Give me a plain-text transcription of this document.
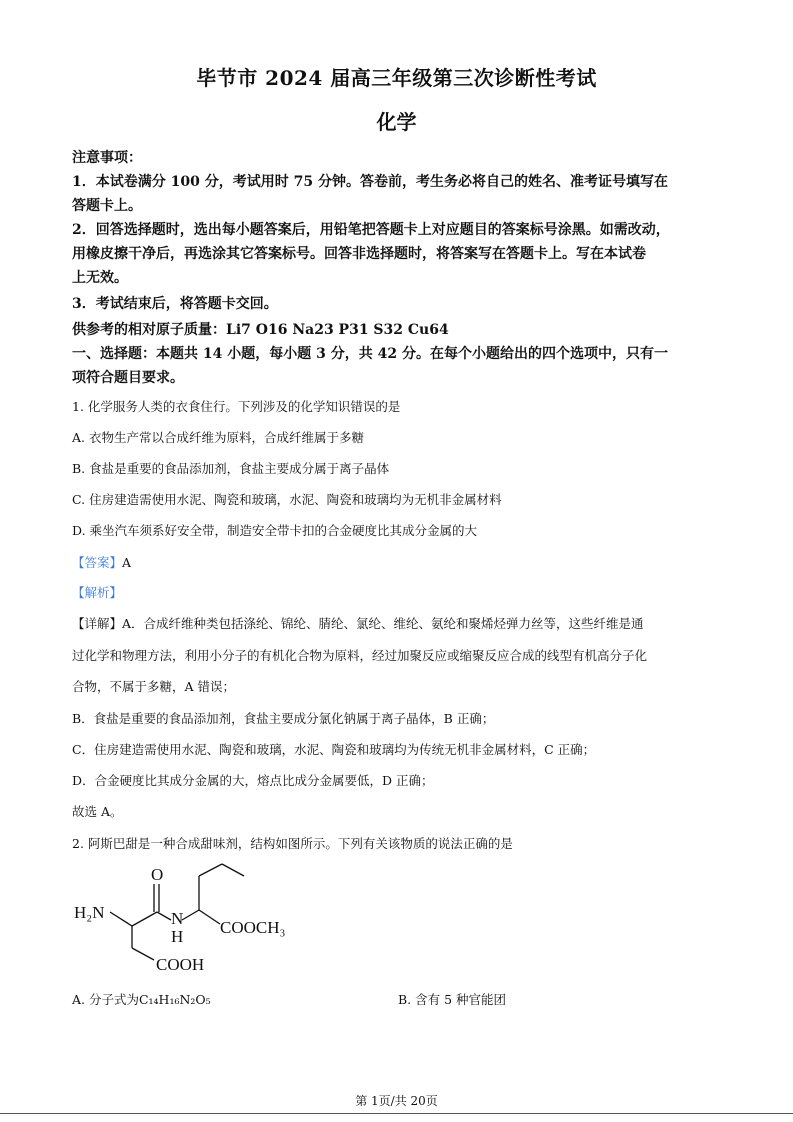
毕节市 2024 届高三年级第三次诊断性考试
化学
注意事项：
1．本试卷满分 100 分，考试用时 75 分钟。答卷前，考生务必将自己的姓名、准考证号填写在
答题卡上。
2．回答选择题时，选出每小题答案后，用铅笔把答题卡上对应题目的答案标号涂黑。如需改动，
用橡皮擦干净后，再选涂其它答案标号。回答非选择题时，将答案写在答题卡上。写在本试卷
上无效。
3．考试结束后，将答题卡交回。
供参考的相对原子质量：Li7 O16 Na23 P31 S32 Cu64
一、选择题：本题共 14 小题，每小题 3 分，共 42 分。在每个小题给出的四个选项中，只有一
项符合题目要求。
1. 化学服务人类的衣食住行。下列涉及的化学知识错误的是
A. 衣物生产常以合成纤维为原料，合成纤维属于多糖
B. 食盐是重要的食品添加剂，食盐主要成分属于离子晶体
C. 住房建造需使用水泥、陶瓷和玻璃，水泥、陶瓷和玻璃均为无机非金属材料
D. 乘坐汽车须系好安全带，制造安全带卡扣的合金硬度比其成分金属的大
【答案】A
【解析】
【详解】A．合成纤维种类包括涤纶、锦纶、腈纶、氯纶、维纶、氨纶和聚烯烃弹力丝等，这些纤维是通
过化学和物理方法，利用小分子的有机化合物为原料，经过加聚反应或缩聚反应合成的线型有机高分子化
合物，不属于多糖，A 错误；
B．食盐是重要的食品添加剂，食盐主要成分氯化钠属于离子晶体，B 正确；
C．住房建造需使用水泥、陶瓷和玻璃，水泥、陶瓷和玻璃均为传统无机非金属材料，C 正确；
D．合金硬度比其成分金属的大，熔点比成分金属要低，D 正确；
故选 A。
2. 阿斯巴甜是一种合成甜味剂，结构如图所示。下列有关该物质的说法正确的是
O
H₂N	N
H COOCH₃
COOH
A. 分子式为C₁₄H₁₆N₂O₅	B. 含有 5 种官能团
第 1页/共 20页
